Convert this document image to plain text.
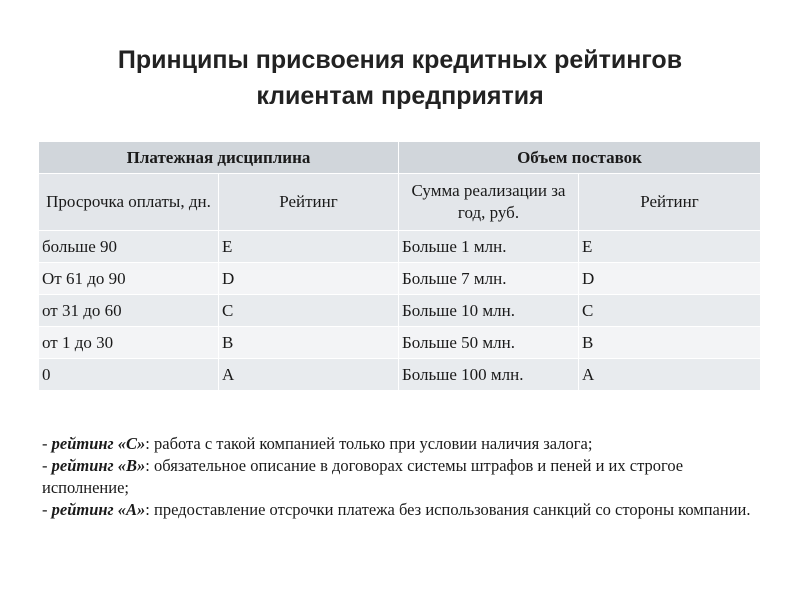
Принципы присвоения кредитных рейтингов
клиентам предприятия
Платежная дисциплина		Объем поставок	
Просрочка оплаты, дн.	Рейтинг	Сумма реализации за год, руб.	Рейтинг
больше 90	E	Больше 1 млн.	E
От 61 до 90	D	Больше 7 млн.	D
от 31 до 60	C	Больше 10 млн.	C
от 1 до 30	B	Больше 50 млн.	B
0	A	Больше 100 млн.	A

- рейтинг «C»: работа с такой компанией только при условии наличия залога;

- рейтинг «B»: обязательное описание в договорах системы штрафов и пеней и их строгое исполнение;

- рейтинг «A»: предоставление отсрочки платежа без использования санкций со стороны компании.
